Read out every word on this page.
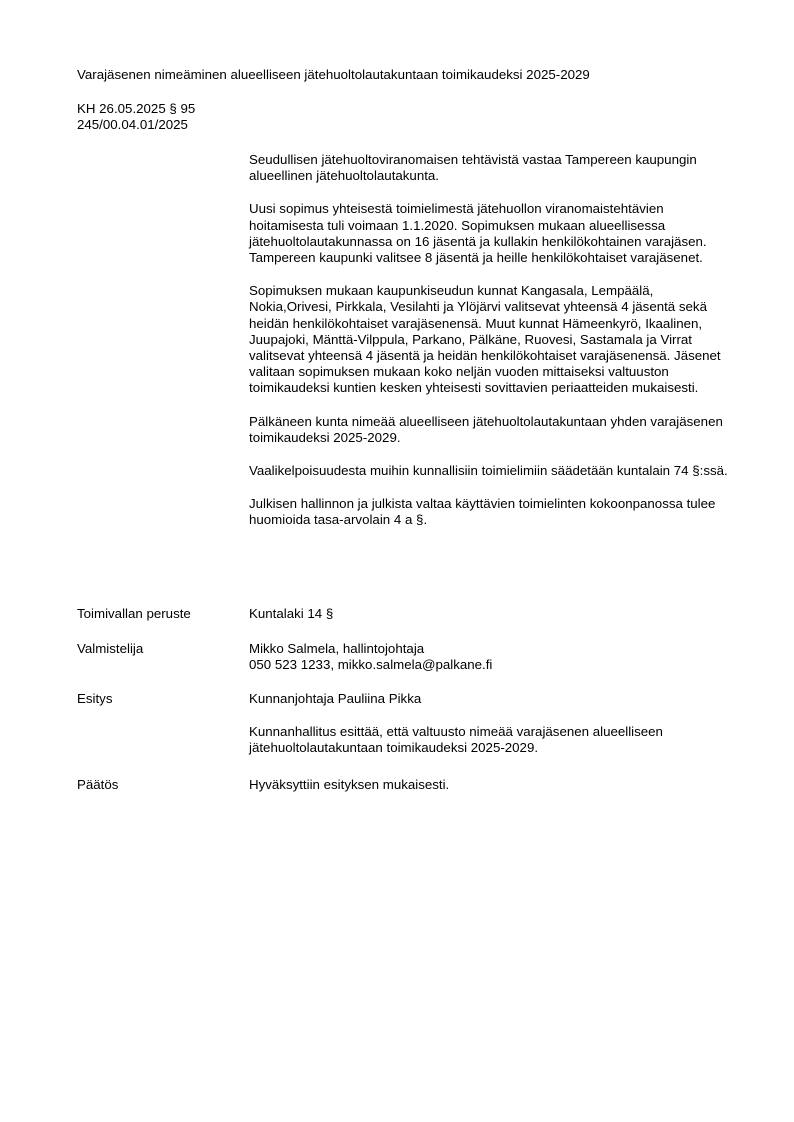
Varajäsenen nimeäminen alueelliseen jätehuoltolautakuntaan toimikaudeksi 2025-2029
KH 26.05.2025 § 95
245/00.04.01/2025

Seudullisen jätehuoltoviranomaisen tehtävistä vastaa Tampereen kaupungin alueellinen jätehuoltolautakunta.

Uusi sopimus yhteisestä toimielimestä jätehuollon viranomaistehtävien hoitamisesta tuli voimaan 1.1.2020. Sopimuksen mukaan alueellisessa jätehuoltolautakunnassa on 16 jäsentä ja kullakin henkilökohtainen varajäsen. Tampereen kaupunki valitsee 8 jäsentä ja heille henkilökohtaiset varajäsenet.

Sopimuksen mukaan kaupunkiseudun kunnat Kangasala, Lempäälä, Nokia,Orivesi, Pirkkala, Vesilahti ja Ylöjärvi valitsevat yhteensä 4 jäsentä sekä heidän henkilökohtaiset varajäsenensä. Muut kunnat Hämeenkyrö, Ikaalinen, Juupajoki, Mänttä-Vilppula, Parkano, Pälkäne, Ruovesi, Sastamala ja Virrat valitsevat yhteensä 4 jäsentä ja heidän henkilökohtaiset varajäsenensä. Jäsenet valitaan sopimuksen mukaan koko neljän vuoden mittaiseksi valtuuston toimikaudeksi kuntien kesken yhteisesti sovittavien periaatteiden mukaisesti.

Pälkäneen kunta nimeää alueelliseen jätehuoltolautakuntaan yhden varajäsenen toimikaudeksi 2025-2029.

Vaalikelpoisuudesta muihin kunnallisiin toimielimiin säädetään kuntalain 74 §:ssä.

Julkisen hallinnon ja julkista valtaa käyttävien toimielinten kokoonpanossa tulee huomioida tasa-arvolain 4 a §.

Toimivallan peruste	Kuntalaki 14 §
Valmistelija	Mikko Salmela, hallintojohtaja
050 523 1233, mikko.salmela@palkane.fi
Esitys	Kunnanjohtaja Pauliina Pikka
Kunnanhallitus esittää, että valtuusto nimeää varajäsenen alueelliseen jätehuoltolautakuntaan toimikaudeksi 2025-2029.
Päätös	Hyväksyttiin esityksen mukaisesti.
